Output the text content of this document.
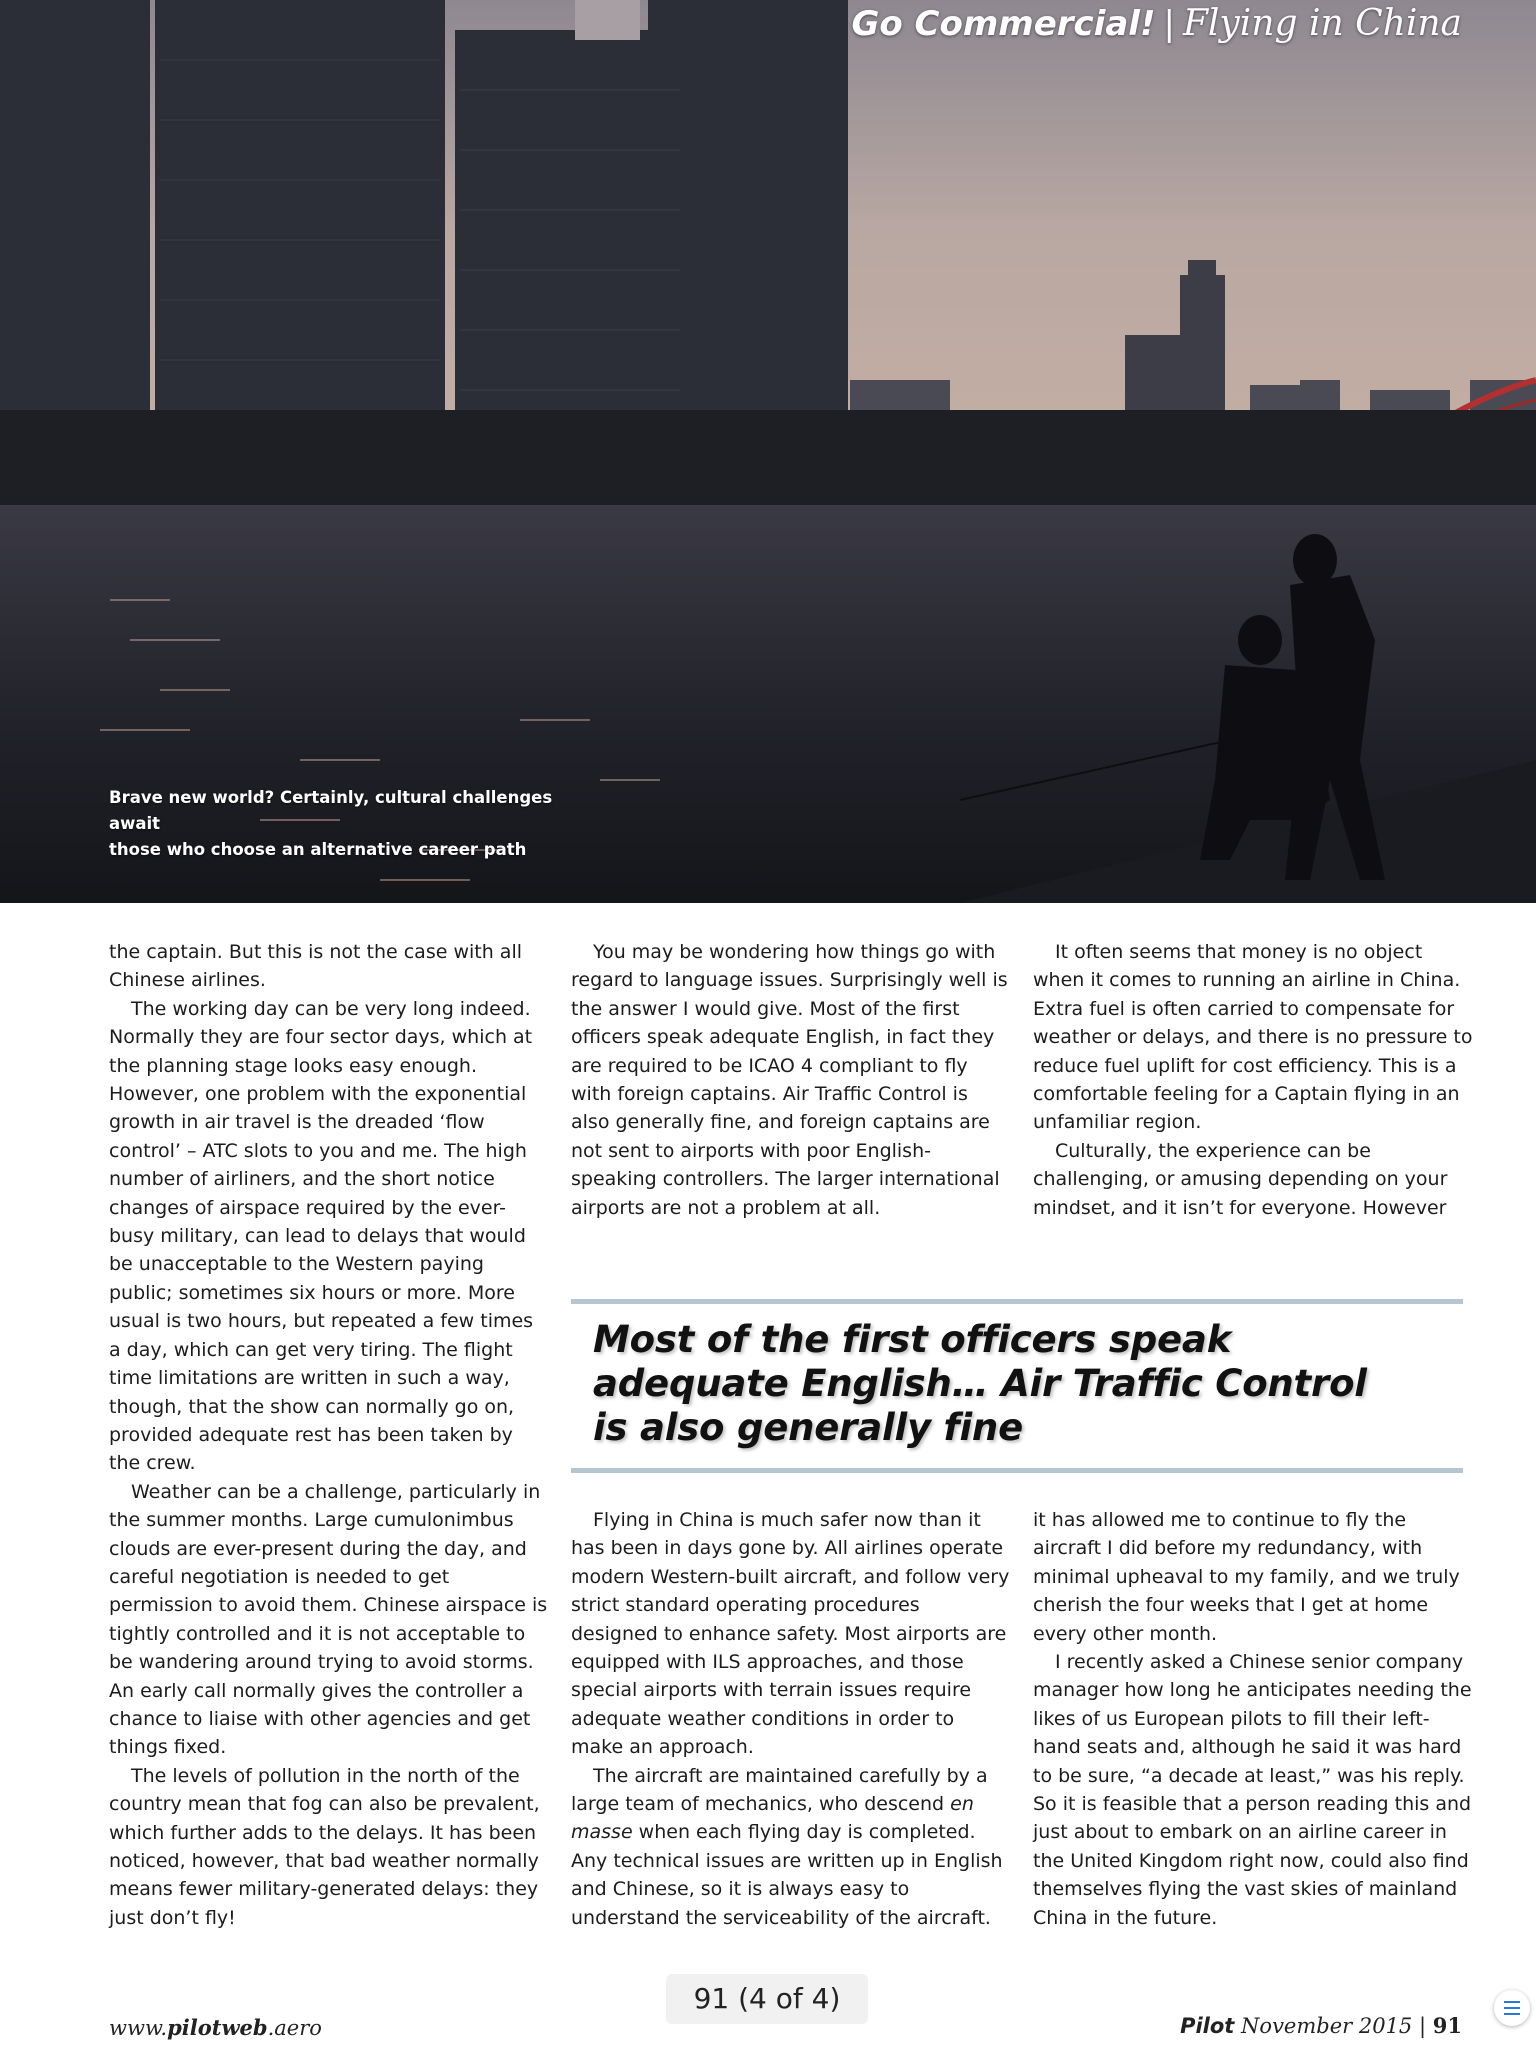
Go Commercial! | Flying in China
Brave new world? Certainly, cultural challenges await
those who choose an alternative career path

the captain. But this is not the case with all Chinese airlines.

The working day can be very long indeed. Normally they are four sector days, which at the planning stage looks easy enough. However, one problem with the exponential growth in air travel is the dreaded ‘flow control’ – ATC slots to you and me. The high number of airliners, and the short notice changes of airspace required by the ever-busy military, can lead to delays that would be unacceptable to the Western paying public; sometimes six hours or more. More usual is two hours, but repeated a few times a day, which can get very tiring. The flight time limitations are written in such a way, though, that the show can normally go on, provided adequate rest has been taken by the crew.

Weather can be a challenge, particularly in the summer months. Large cumulonimbus clouds are ever-present during the day, and careful negotiation is needed to get permission to avoid them. Chinese airspace is tightly controlled and it is not acceptable to be wandering around trying to avoid storms. An early call normally gives the controller a chance to liaise with other agencies and get things fixed.

The levels of pollution in the north of the country mean that fog can also be prevalent, which further adds to the delays. It has been noticed, however, that bad weather normally means fewer military-generated delays: they just don’t fly!

You may be wondering how things go with regard to language issues. Surprisingly well is the answer I would give. Most of the first officers speak adequate English, in fact they are required to be ICAO 4 compliant to fly with foreign captains. Air Traffic Control is also generally fine, and foreign captains are not sent to airports with poor English-speaking controllers. The larger international airports are not a problem at all.

It often seems that money is no object when it comes to running an airline in China. Extra fuel is often carried to compensate for weather or delays, and there is no pressure to reduce fuel uplift for cost efficiency. This is a comfortable feeling for a Captain flying in an unfamiliar region.

Culturally, the experience can be challenging, or amusing depending on your mindset, and it isn’t for everyone. However

Most of the first officers speak
adequate English… Air Traffic Control
is also generally fine

Flying in China is much safer now than it has been in days gone by. All airlines operate modern Western-built aircraft, and follow very strict standard operating procedures designed to enhance safety. Most airports are equipped with ILS approaches, and those special airports with terrain issues require adequate weather conditions in order to make an approach.

The aircraft are maintained carefully by a large team of mechanics, who descend en masse when each flying day is completed. Any technical issues are written up in English and Chinese, so it is always easy to understand the serviceability of the aircraft.

it has allowed me to continue to fly the aircraft I did before my redundancy, with minimal upheaval to my family, and we truly cherish the four weeks that I get at home every other month.

I recently asked a Chinese senior company manager how long he anticipates needing the likes of us European pilots to fill their left-hand seats and, although he said it was hard to be sure, “a decade at least,” was his reply. So it is feasible that a person reading this and just about to embark on an airline career in the United Kingdom right now, could also find themselves flying the vast skies of mainland China in the future.

91 (4 of 4)
www.pilotweb.aero	Pilot November 2015 | 91
